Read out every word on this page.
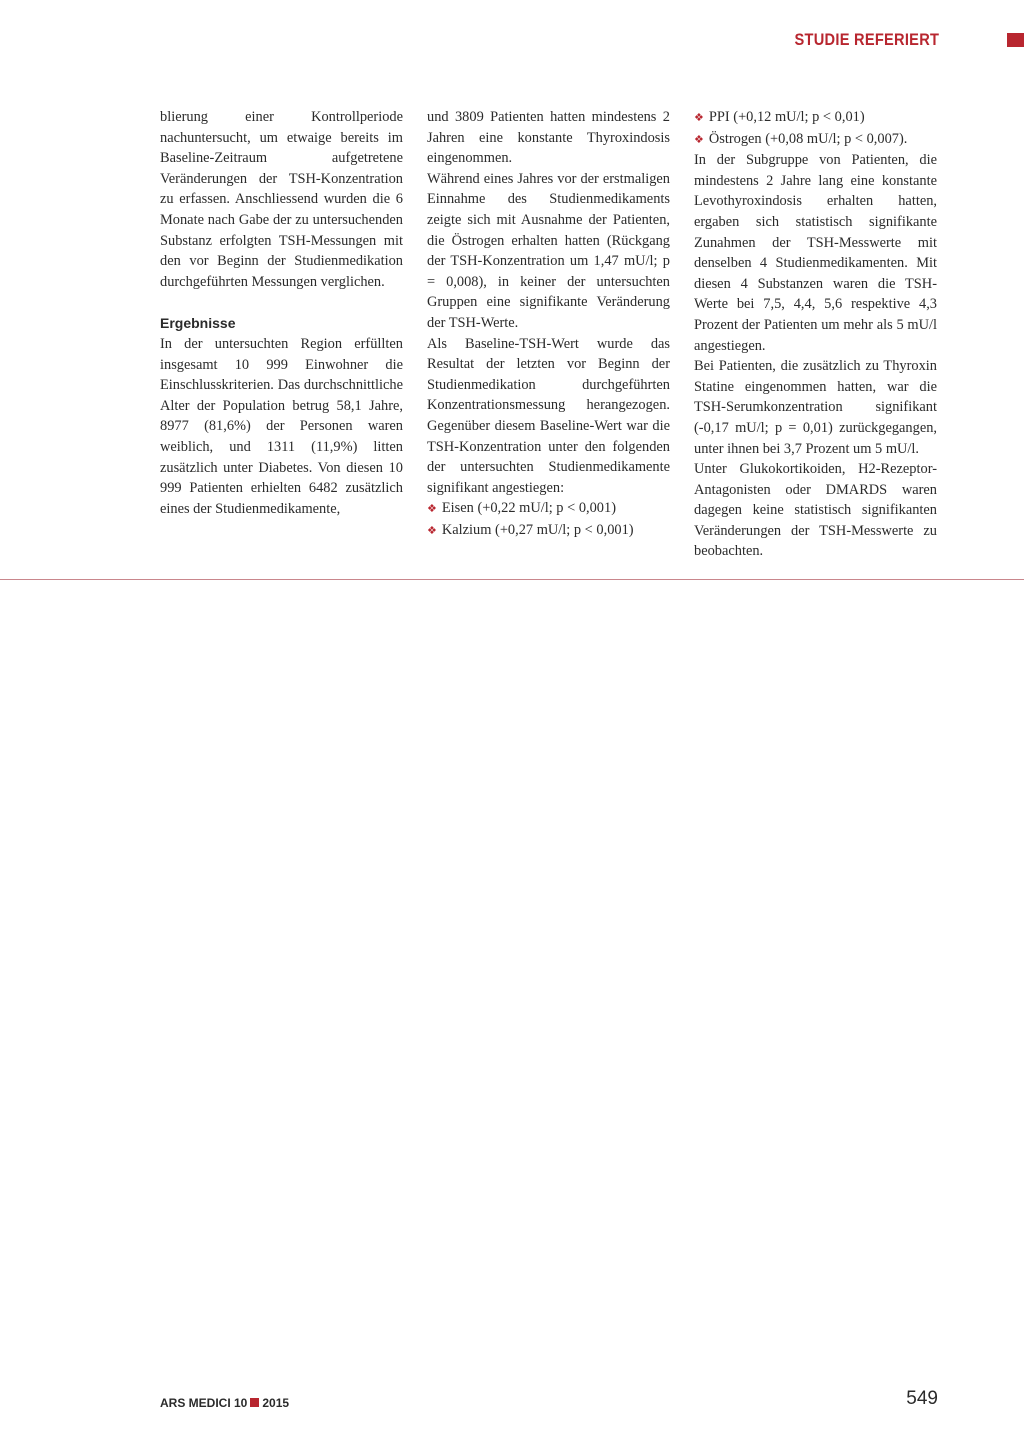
STUDIE REFERIERT

blierung einer Kontrollperiode nachuntersucht, um etwaige bereits im Baseline-Zeitraum aufgetretene Veränderungen der TSH-Konzentration zu erfassen. Anschliessend wurden die 6 Monate nach Gabe der zu untersuchenden Substanz erfolgten TSH-Messungen mit den vor Beginn der Studienmedikation durchgeführten Messungen verglichen.

Ergebnisse

In der untersuchten Region erfüllten insgesamt 10 999 Einwohner die Einschlusskriterien. Das durchschnittliche Alter der Population betrug 58,1 Jahre, 8977 (81,6%) der Personen waren weiblich, und 1311 (11,9%) litten zusätzlich unter Diabetes. Von diesen 10 999 Patienten erhielten 6482 zusätzlich eines der Studienmedikamente,

und 3809 Patienten hatten mindestens 2 Jahren eine konstante Thyroxindosis eingenommen.

Während eines Jahres vor der erstmaligen Einnahme des Studienmedikaments zeigte sich mit Ausnahme der Patienten, die Östrogen erhalten hatten (Rückgang der TSH-Konzentration um 1,47 mU/l; p = 0,008), in keiner der untersuchten Gruppen eine signifikante Veränderung der TSH-Werte.

Als Baseline-TSH-Wert wurde das Resultat der letzten vor Beginn der Studienmedikation durchgeführten Konzentrationsmessung herangezogen. Gegenüber diesem Baseline-Wert war die TSH-Konzentration unter den folgenden der untersuchten Studienmedikamente signifikant angestiegen:

❖ Eisen (+0,22 mU/l; p < 0,001)
❖ Kalzium (+0,27 mU/l; p < 0,001)
❖ PPI (+0,12 mU/l; p < 0,01)
❖ Östrogen (+0,08 mU/l; p < 0,007).

In der Subgruppe von Patienten, die mindestens 2 Jahre lang eine konstante Levothyroxindosis erhalten hatten, ergaben sich statistisch signifikante Zunahmen der TSH-Messwerte mit denselben 4 Studienmedikamenten. Mit diesen 4 Substanzen waren die TSH-Werte bei 7,5, 4,4, 5,6 respektive 4,3 Prozent der Patienten um mehr als 5 mU/l angestiegen.

Bei Patienten, die zusätzlich zu Thyroxin Statine eingenommen hatten, war die TSH-Serumkonzentration signifikant (-0,17 mU/l; p = 0,01) zurückgegangen, unter ihnen bei 3,7 Prozent um 5 mU/l.

Unter Glukokortikoiden, H2-Rezeptor-Antagonisten oder DMARDS waren dagegen keine statistisch signifikanten Veränderungen der TSH-Messwerte zu beobachten.

ARS MEDICI 10 2015	549
